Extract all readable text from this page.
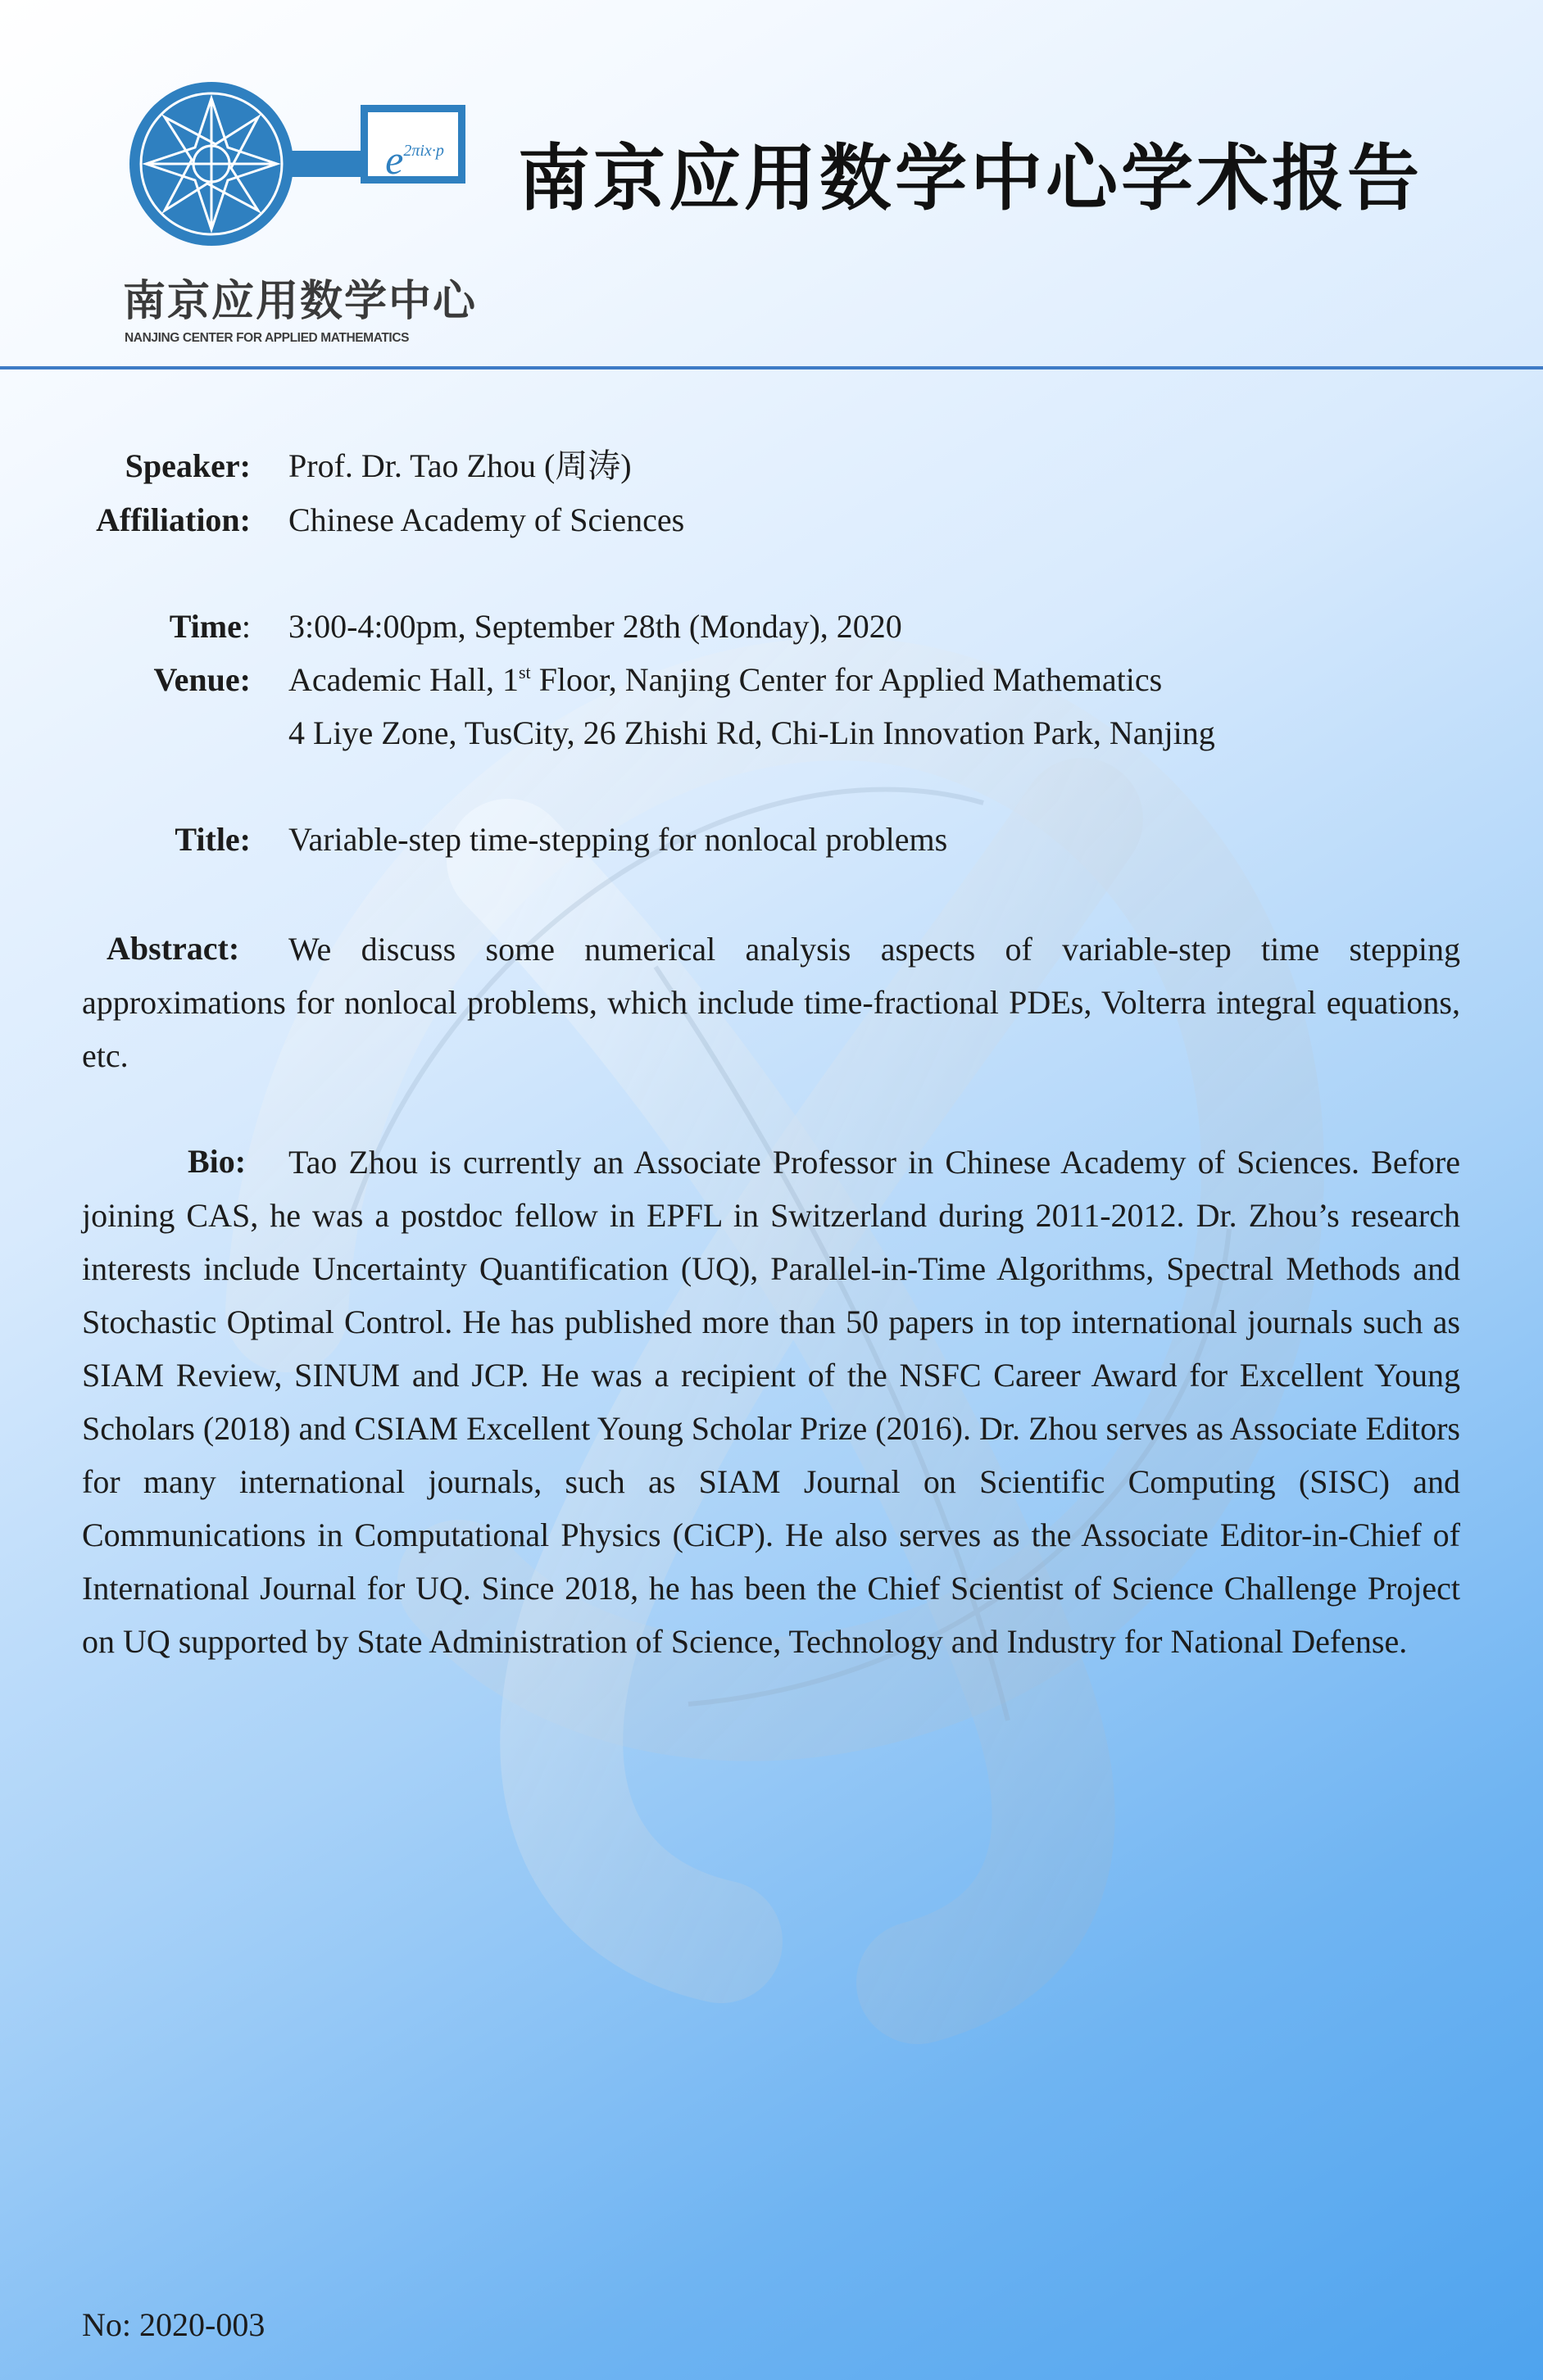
e2πix·p

南京应用数学中心

NANJING CENTER FOR APPLIED MATHEMATICS

南京应用数学中心学术报告
Speaker: Prof. Dr. Tao Zhou (周涛)
Affiliation: Chinese Academy of Sciences
Time: 3:00-4:00pm, September 28th (Monday), 2020
Venue: Academic Hall, 1st Floor, Nanjing Center for Applied Mathematics
4 Liye Zone, TusCity, 26 Zhishi Rd, Chi-Lin Innovation Park, Nanjing
Title: Variable-step time-stepping for nonlocal problems
Abstract:	We discuss some numerical analysis aspects of variable-step time stepping approximations for nonlocal problems, which include time-fractional PDEs, Volterra integral equations, etc.

Bio:	Tao Zhou is currently an Associate Professor in Chinese Academy of Sciences. Before joining CAS, he was a postdoc fellow in EPFL in Switzerland during 2011-2012. Dr. Zhou’s research interests include Uncertainty Quantification (UQ), Parallel-in-Time Algorithms, Spectral Methods and Stochastic Optimal Control. He has published more than 50 papers in top international journals such as SIAM Review, SINUM and JCP. He was a recipient of the NSFC Career Award for Excellent Young Scholars (2018) and CSIAM Excellent Young Scholar Prize (2016). Dr. Zhou serves as Associate Editors for many international journals, such as SIAM Journal on Scientific Computing (SISC) and Communications in Computational Physics (CiCP). He also serves as the Associate Editor-in-Chief of International Journal for UQ. Since 2018, he has been the Chief Scientist of Science Challenge Project on UQ supported by State Administration of Science, Technology and Industry for National Defense.

No: 2020-003
